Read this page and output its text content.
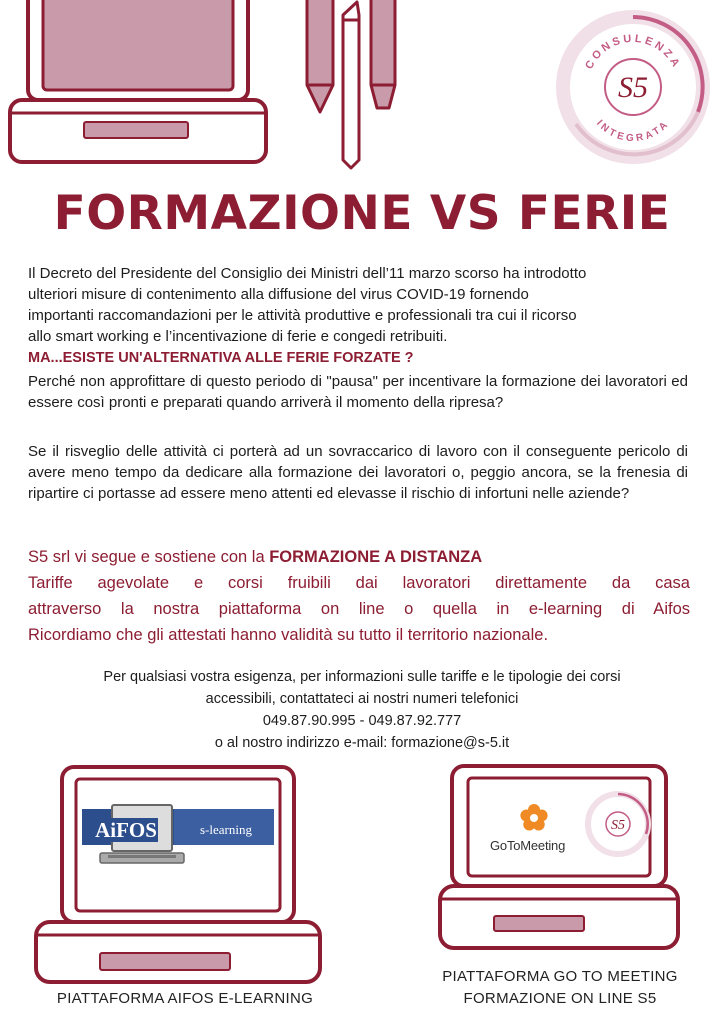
CONSULENZA
INTEGRATA
S5
FORMAZIONE VS FERIE
Il Decreto del Presidente del Consiglio dei Ministri dell’11 marzo scorso ha introdotto
ulteriori misure di contenimento alla diffusione del virus COVID-19 fornendo
importanti raccomandazioni per le attività produttive e professionali tra cui il ricorso
allo smart working e l’incentivazione di ferie e congedi retribuiti.
MA...ESISTE UN'ALTERNATIVA ALLE FERIE FORZATE ?
Perché non approfittare di questo periodo di "pausa" per incentivare la formazione dei lavoratori ed essere così pronti e preparati quando arriverà il momento della ripresa?
Se il risveglio delle attività ci porterà ad un sovraccarico di lavoro con il conseguente pericolo di avere meno tempo da dedicare alla formazione dei lavoratori o, peggio ancora, se la frenesia di ripartire ci portasse ad essere meno attenti ed elevasse il rischio di infortuni nelle aziende?
S5 srl vi segue e sostiene con la FORMAZIONE A DISTANZA
Tariffe agevolate e corsi fruibili dai lavoratori direttamente da casa
attraverso la nostra piattaforma on line o quella in e-learning di Aifos
Ricordiamo che gli attestati hanno validità su tutto il territorio nazionale.
Per qualsiasi vostra esigenza, per informazioni sulle tariffe e le tipologie dei corsi
accessibili, contattateci ai nostri numeri telefonici
049.87.90.995 - 049.87.92.777
o al nostro indirizzo e-mail: formazione@s-5.it
AiFOS	s-learning	S5
GoToMeeting
PIATTAFORMA AIFOS E-LEARNING
PIATTAFORMA GO TO MEETING
FORMAZIONE ON LINE S5
